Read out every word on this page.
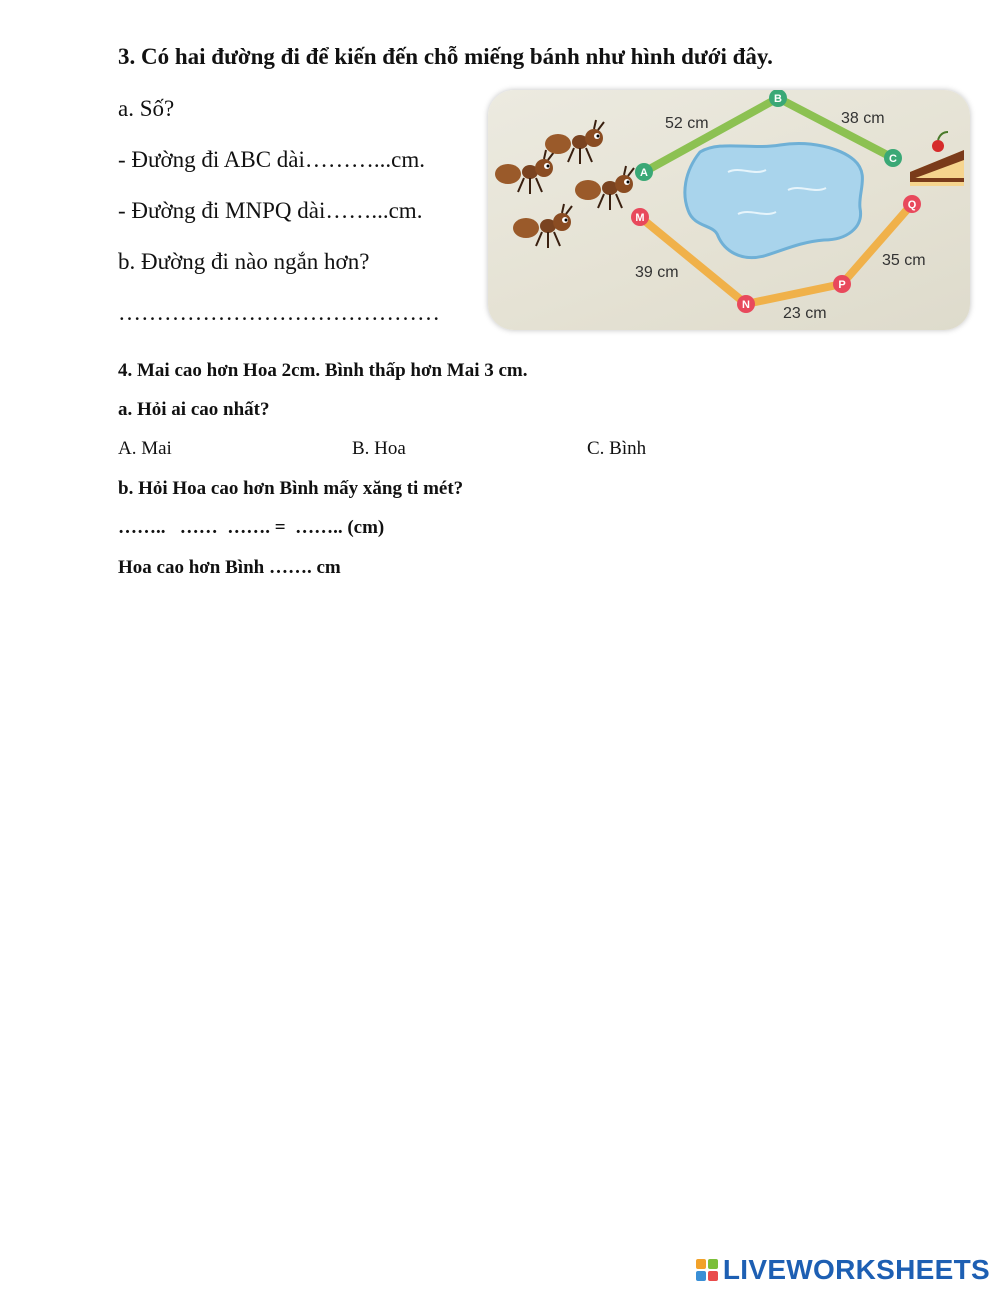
3. Có hai đường đi để kiến đến chỗ miếng bánh như hình dưới đây.
a. Số?
- Đường đi ABC dài………...cm.
- Đường đi MNPQ dài……...cm.
b. Đường đi nào ngắn hơn?
……………………………………
A
B
C
M
N
P
Q
52 cm	38 cm
39 cm
23 cm
35 cm
4. Mai cao hơn Hoa 2cm. Bình thấp hơn Mai 3 cm.
a. Hỏi ai cao nhất?
A. Mai	B. Hoa	C. Bình
b. Hỏi Hoa cao hơn Bình mấy xăng ti mét?
……..   ……  ……. =  …….. (cm)
Hoa cao hơn Bình ……. cm
LIVEWORKSHEETS
